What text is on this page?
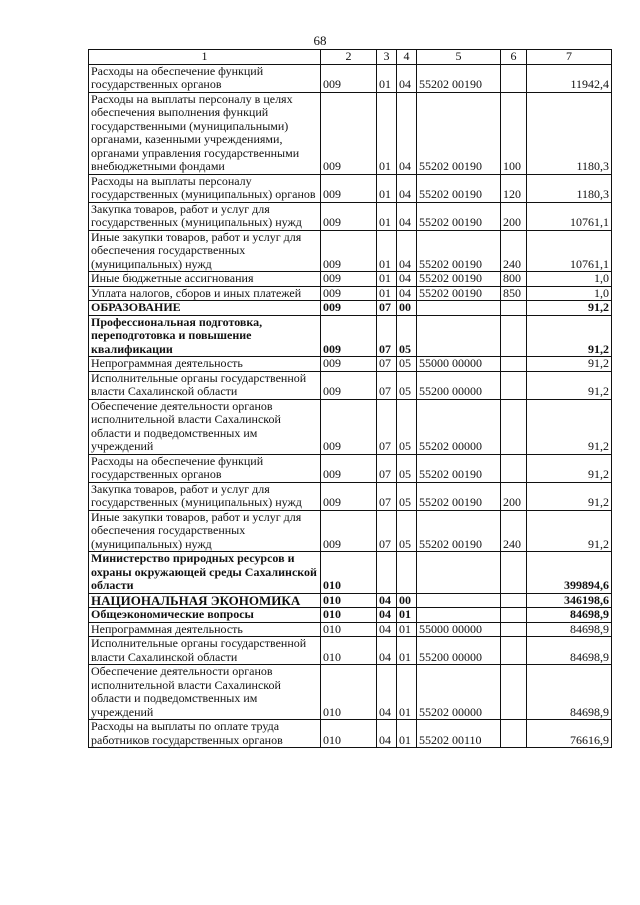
68
1	2	3	4	5	6	7
Расходы на обеспечение функций государственных органов	009	01	04	55202 00190		11942,4
Расходы на выплаты персоналу в целях обеспечения выполнения функций государственными (муниципальными) органами, казенными учреждениями, органами управления государственными внебюджетными фондами	009	01	04	55202 00190	100	1180,3
Расходы на выплаты персоналу государственных (муниципальных) органов	009	01	04	55202 00190	120	1180,3
Закупка товаров, работ и услуг для государственных (муниципальных) нужд	009	01	04	55202 00190	200	10761,1
Иные закупки товаров, работ и услуг для обеспечения государственных (муниципальных) нужд	009	01	04	55202 00190	240	10761,1
Иные бюджетные ассигнования	009	01	04	55202 00190	800	1,0
Уплата налогов, сборов и иных платежей	009	01	04	55202 00190	850	1,0
ОБРАЗОВАНИЕ	009	07	00			91,2
Профессиональная подготовка, переподготовка и повышение квалификации	009	07	05			91,2
Непрограммная деятельность	009	07	05	55000 00000		91,2
Исполнительные органы государственной власти Сахалинской области	009	07	05	55200 00000		91,2
Обеспечение деятельности органов исполнительной власти Сахалинской области и подведомственных им учреждений	009	07	05	55202 00000		91,2
Расходы на обеспечение функций государственных органов	009	07	05	55202 00190		91,2
Закупка товаров, работ и услуг для государственных (муниципальных) нужд	009	07	05	55202 00190	200	91,2
Иные закупки товаров, работ и услуг для обеспечения государственных (муниципальных) нужд	009	07	05	55202 00190	240	91,2
Министерство природных ресурсов и охраны окружающей среды Сахалинской области	010					399894,6
НАЦИОНАЛЬНАЯ ЭКОНОМИКА	010	04	00			346198,6
Общеэкономические вопросы	010	04	01			84698,9
Непрограммная деятельность	010	04	01	55000 00000		84698,9
Исполнительные органы государственной власти Сахалинской области	010	04	01	55200 00000		84698,9
Обеспечение деятельности органов исполнительной власти Сахалинской области и подведомственных им учреждений	010	04	01	55202 00000		84698,9
Расходы на выплаты по оплате труда работников государственных органов	010	04	01	55202 00110		76616,9
